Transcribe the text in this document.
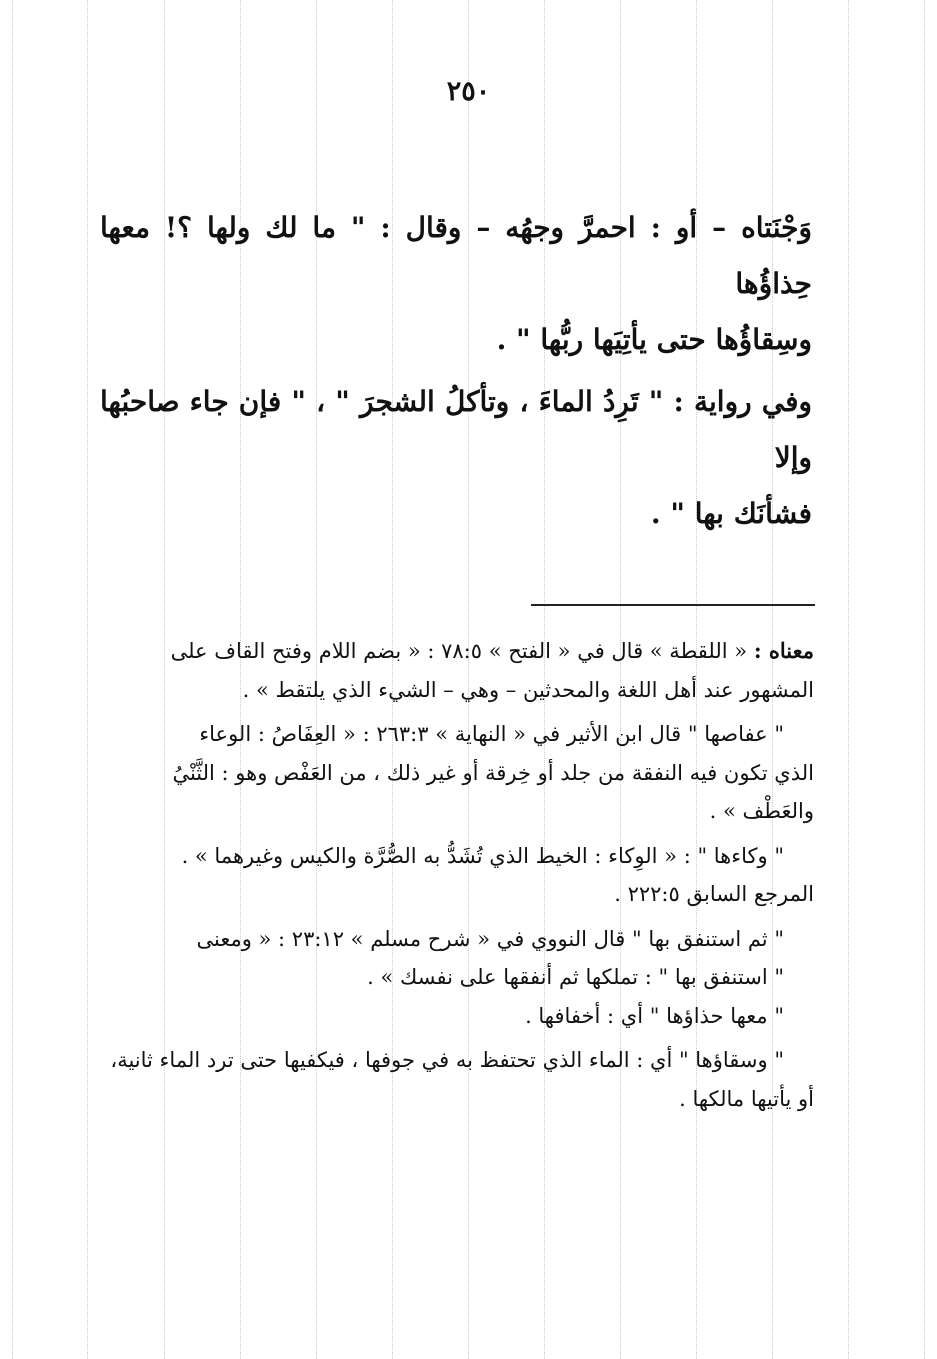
٢٥٠

وَجْنَتاه – أو : احمرَّ وجهُه – وقال : " ما لك ولها ؟! معها حِذاؤُها

وسِقاؤُها حتى يأتِيَها ربُّها " .

وفي رواية : " تَرِدُ الماءَ ، وتأكلُ الشجرَ " ، " فإن جاء صاحبُها وإلا

فشأنَك بها " .

معناه : « اللقطة » قال في « الفتح » ٧٨:٥ : « بضم اللام وفتح القاف على

المشهور عند أهل اللغة والمحدثين – وهي – الشيء الذي يلتقط » .

" عفاصها " قال ابن الأثير في « النهاية » ٢٦٣:٣ : « العِفَاصُ : الوعاء

الذي تكون فيه النفقة من جلد أو خِرقة أو غير ذلك ، من العَفْص وهو : الثَّنْيُ

والعَطْف » .

" وكاءها " : « الوِكاء : الخيط الذي تُشَدُّ به الصُّرَّة والكيس وغيرهما » .

المرجع السابق ٢٢٢:٥ .

" ثم استنفق بها " قال النووي في « شرح مسلم » ٢٣:١٢ : « ومعنى

" استنفق بها " : تملكها ثم أنفقها على نفسك » .

" معها حذاؤها " أي : أخفافها .

" وسقاؤها " أي : الماء الذي تحتفظ به في جوفها ، فيكفيها حتى ترد الماء ثانية،

أو يأتيها مالكها .
